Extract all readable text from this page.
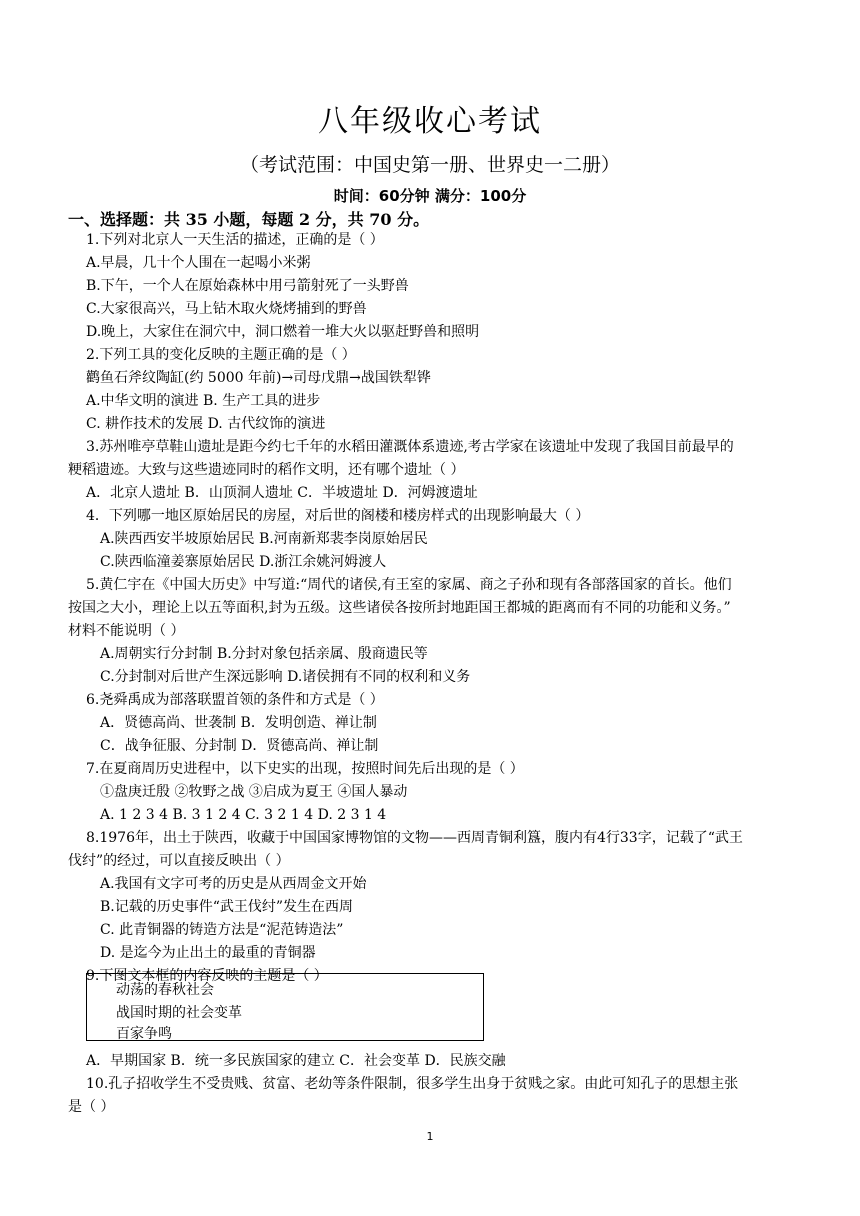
八年级收心考试
（考试范围：中国史第一册、世界史一二册）
时间：60分钟 满分：100分
一、选择题：共 35 小题，每题 2 分，共 70 分。
1.下列对北京人一天生活的描述，正确的是（ ）
A.早晨，几十个人围在一起喝小米粥
B.下午，一个人在原始森林中用弓箭射死了一头野兽
C.大家很高兴，马上钻木取火烧烤捕到的野兽
D.晚上，大家住在洞穴中，洞口燃着一堆大火以驱赶野兽和照明
2.下列工具的变化反映的主题正确的是（ ）
鹳鱼石斧纹陶缸(约 5000 年前)→司母戊鼎→战国铁犁铧
A.中华文明的演进 B. 生产工具的进步
C. 耕作技术的发展 D. 古代纹饰的演进
3.苏州唯亭草鞋山遗址是距今约七千年的水稻田灌溉体系遗迹,考古学家在该遗址中发现了我国目前最早的
粳稻遗迹。大致与这些遗迹同时的稻作文明，还有哪个遗址（ ）
A．北京人遗址 B．山顶洞人遗址 C．半坡遗址 D．河姆渡遗址
4．下列哪一地区原始居民的房屋，对后世的阁楼和楼房样式的出现影响最大（ ）
A.陕西西安半坡原始居民 B.河南新郑裴李岗原始居民
C.陕西临潼姜寨原始居民 D.浙江余姚河姆渡人
5.黄仁宇在《中国大历史》中写道:“周代的诸侯,有王室的家属、商之子孙和现有各部落国家的首长。他们
按国之大小，理论上以五等面积,封为五级。这些诸侯各按所封地距国王都城的距离而有不同的功能和义务。”
材料不能说明（ ）
A.周朝实行分封制 B.分封对象包括亲属、殷商遗民等
C.分封制对后世产生深远影响 D.诸侯拥有不同的权利和义务
6.尧舜禹成为部落联盟首领的条件和方式是（ ）
A．贤德高尚、世袭制 B．发明创造、禅让制
C．战争征服、分封制 D．贤德高尚、禅让制
7.在夏商周历史进程中，以下史实的出现，按照时间先后出现的是（ ）
①盘庚迁殷 ②牧野之战 ③启成为夏王 ④国人暴动
A. 1 2 3 4 B. 3 1 2 4 C. 3 2 1 4 D. 2 3 1 4
8.1976年，出土于陕西，收藏于中国国家博物馆的文物——西周青铜利簋，腹内有4行33字，记载了“武王
伐纣”的经过，可以直接反映出（ ）
A.我国有文字可考的历史是从西周金文开始
B.记载的历史事件“武王伐纣”发生在西周
C. 此青铜器的铸造方法是“泥范铸造法”
D. 是迄今为止出土的最重的青铜器
9.下图文本框的内容反映的主题是（ ）
动荡的春秋社会
战国时期的社会变革
百家争鸣
A．早期国家 B．统一多民族国家的建立 C．社会变革 D．民族交融
10.孔子招收学生不受贵贱、贫富、老幼等条件限制，很多学生出身于贫贱之家。由此可知孔子的思想主张
是（ ）
1
